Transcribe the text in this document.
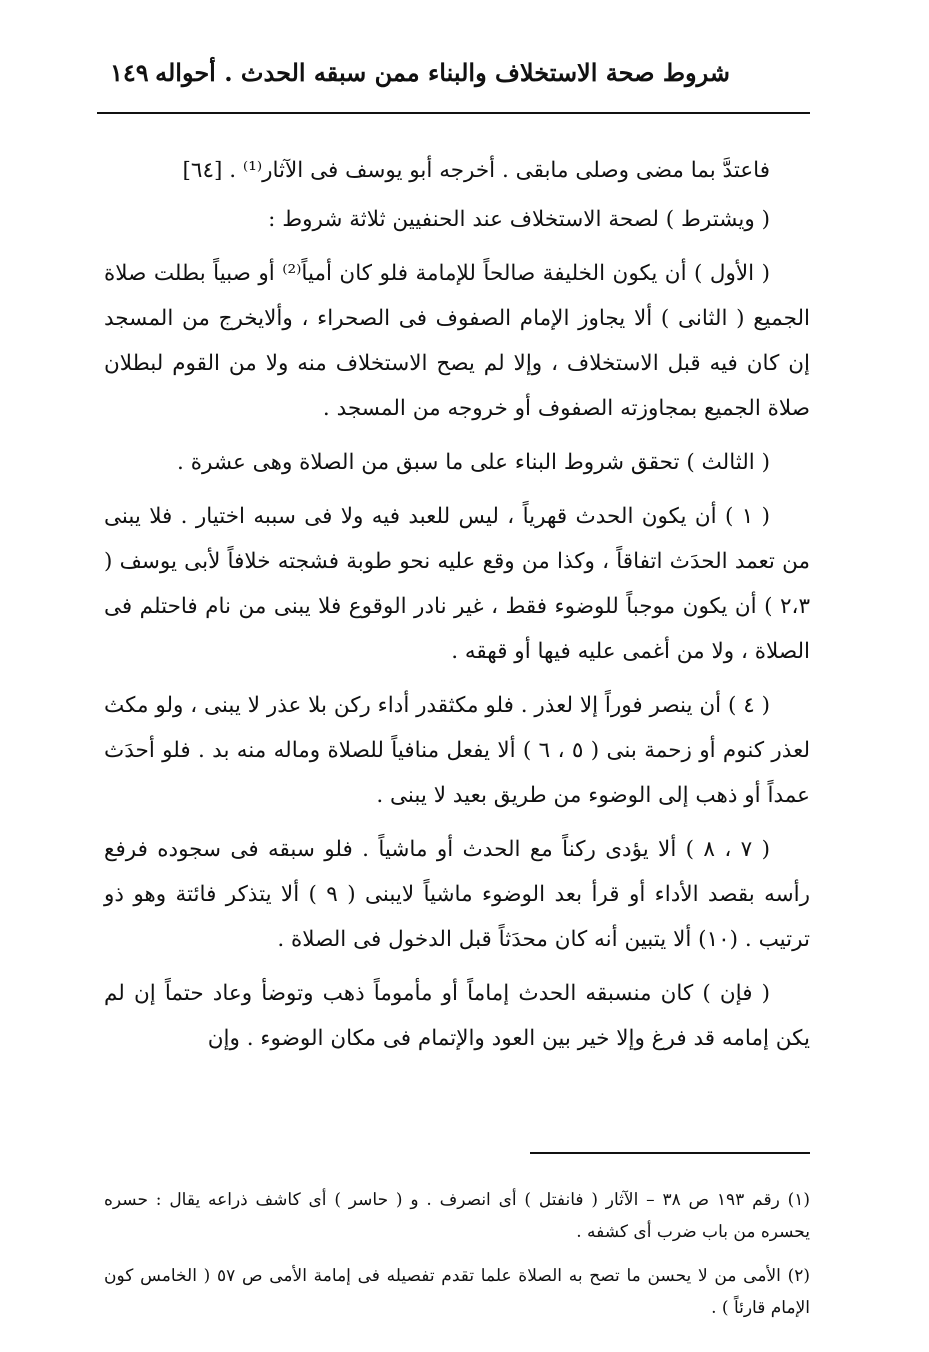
شروط صحة الاستخلاف والبناء ممن سبقه الحدث . أحواله
١٤٩

فاعتدَّ بما مضى وصلى مابقى . أخرجه أبو يوسف فى الآثار⁽¹⁾ . [٦٤]

( ويشترط ) لصحة الاستخلاف عند الحنفيين ثلاثة شروط :

( الأول ) أن يكون الخليفة صالحاً للإمامة فلو كان أمياً⁽²⁾ أو صبياً بطلت صلاة الجميع ( الثانى ) ألا يجاوز الإمام الصفوف فى الصحراء ، وألايخرج من المسجد إن كان فيه قبل الاستخلاف ، وإلا لم يصح الاستخلاف منه ولا من القوم لبطلان صلاة الجميع بمجاوزته الصفوف أو خروجه من المسجد .

( الثالث ) تحقق شروط البناء على ما سبق من الصلاة وهى عشرة .

( ١ ) أن يكون الحدث قهرياً ، ليس للعبد فيه ولا فى سببه اختيار . فلا يبنى من تعمد الحدَث اتفاقاً ، وكذا من وقع عليه نحو طوبة فشجته خلافاً لأبى يوسف ( ٢،٣ ) أن يكون موجباً للوضوء فقط ، غير نادر الوقوع فلا يبنى من نام فاحتلم فى الصلاة ، ولا من أغمى عليه فيها أو قهقه .

( ٤ ) أن ينصر فوراً إلا لعذر . فلو مكثقدر أداء ركن بلا عذر لا يبنى ، ولو مكث لعذر كنوم أو زحمة بنى ( ٥ ، ٦ ) ألا يفعل منافياً للصلاة وماله منه بد . فلو أحدَث عمداً أو ذهب إلى الوضوء من طريق بعيد لا يبنى .

( ٧ ، ٨ ) ألا يؤدى ركناً مع الحدث أو ماشياً . فلو سبقه فى سجوده فرفع رأسه بقصد الأداء أو قرأ بعد الوضوء ماشياً لايبنى ( ٩ ) ألا يتذكر فائتة وهو ذو ترتيب . (١٠) ألا يتبين أنه كان محدَثاً قبل الدخول فى الصلاة .

( فإن ) كان منسبقه الحدث إماماً أو مأموماً ذهب وتوضأ وعاد حتماً إن لم يكن إمامه قد فرغ وإلا خير بين العود والإتمام فى مكان الوضوء . وإن

(١) رقم ١٩٣ ص ٣٨ – الآثار ( فانفتل ) أى انصرف . و ( حاسر ) أى كاشف ذراعه يقال : حسره يحسره من باب ضرب أى كشفه .

(٢) الأمى من لا يحسن ما تصح به الصلاة علما تقدم تفصيله فى إمامة الأمى ص ٥٧ ( الخامس كون الإمام قارئاً ) .
